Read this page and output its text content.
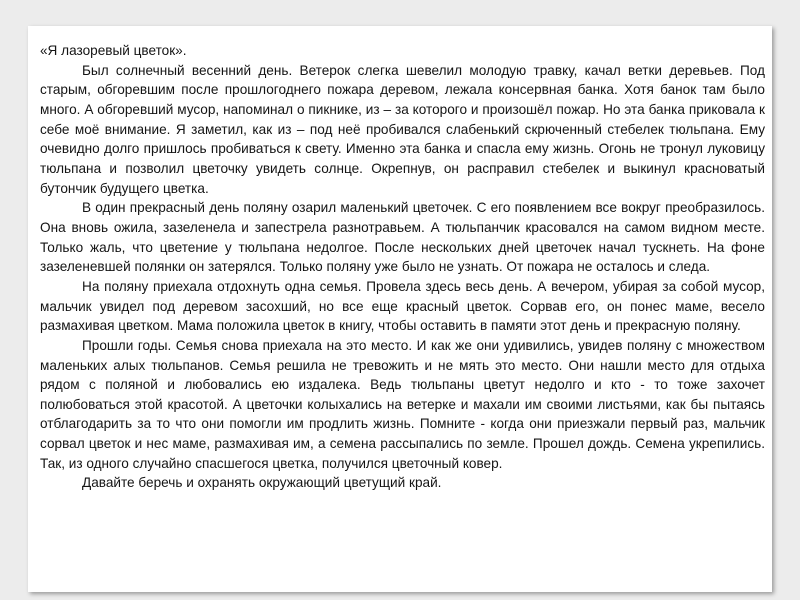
«Я лазоревый цветок».

Был солнечный весенний день. Ветерок слегка шевелил молодую травку, качал ветки деревьев. Под старым, обгоревшим после прошлогоднего пожара деревом, лежала консервная банка. Хотя банок там было много. А обгоревший мусор, напоминал о пикнике, из – за которого и произошёл пожар. Но эта банка приковала к себе моё внимание. Я заметил, как из – под неё пробивался слабенький скрюченный стебелек тюльпана. Ему очевидно долго пришлось пробиваться к свету. Именно эта банка и спасла ему жизнь. Огонь не тронул луковицу тюльпана и позволил цветочку увидеть солнце. Окрепнув, он расправил стебелек и выкинул красноватый бутончик будущего цветка.

В один прекрасный день поляну озарил маленький цветочек. С его появлением все вокруг преобразилось. Она вновь ожила, зазеленела и запестрела разнотравьем. А тюльпанчик красовался на самом видном месте. Только жаль, что цветение у тюльпана недолгое. После нескольких дней цветочек начал тускнеть. На фоне зазеленевшей полянки он затерялся. Только поляну уже было не узнать. От пожара не осталось и следа.

На поляну приехала отдохнуть одна семья. Провела здесь весь день. А вечером, убирая за собой мусор, мальчик увидел под деревом засохший, но все еще красный цветок. Сорвав его, он понес маме, весело размахивая цветком. Мама положила цветок в книгу, чтобы оставить в памяти этот день и прекрасную поляну.

Прошли годы. Семья снова приехала на это место. И как же они удивились, увидев поляну с множеством маленьких алых тюльпанов. Семья решила не тревожить и не мять это место. Они нашли место для отдыха рядом с поляной и любовались ею издалека. Ведь тюльпаны цветут недолго и кто - то тоже захочет полюбоваться этой красотой. А цветочки колыхались на ветерке и махали им своими листьями, как бы пытаясь отблагодарить за то что они помогли им продлить жизнь. Помните - когда они приезжали первый раз, мальчик сорвал цветок и нес маме, размахивая им, а семена рассыпались по земле. Прошел дождь. Семена укрепились. Так, из одного случайно спасшегося цветка, получился цветочный ковер.

Давайте беречь и охранять окружающий цветущий край.
